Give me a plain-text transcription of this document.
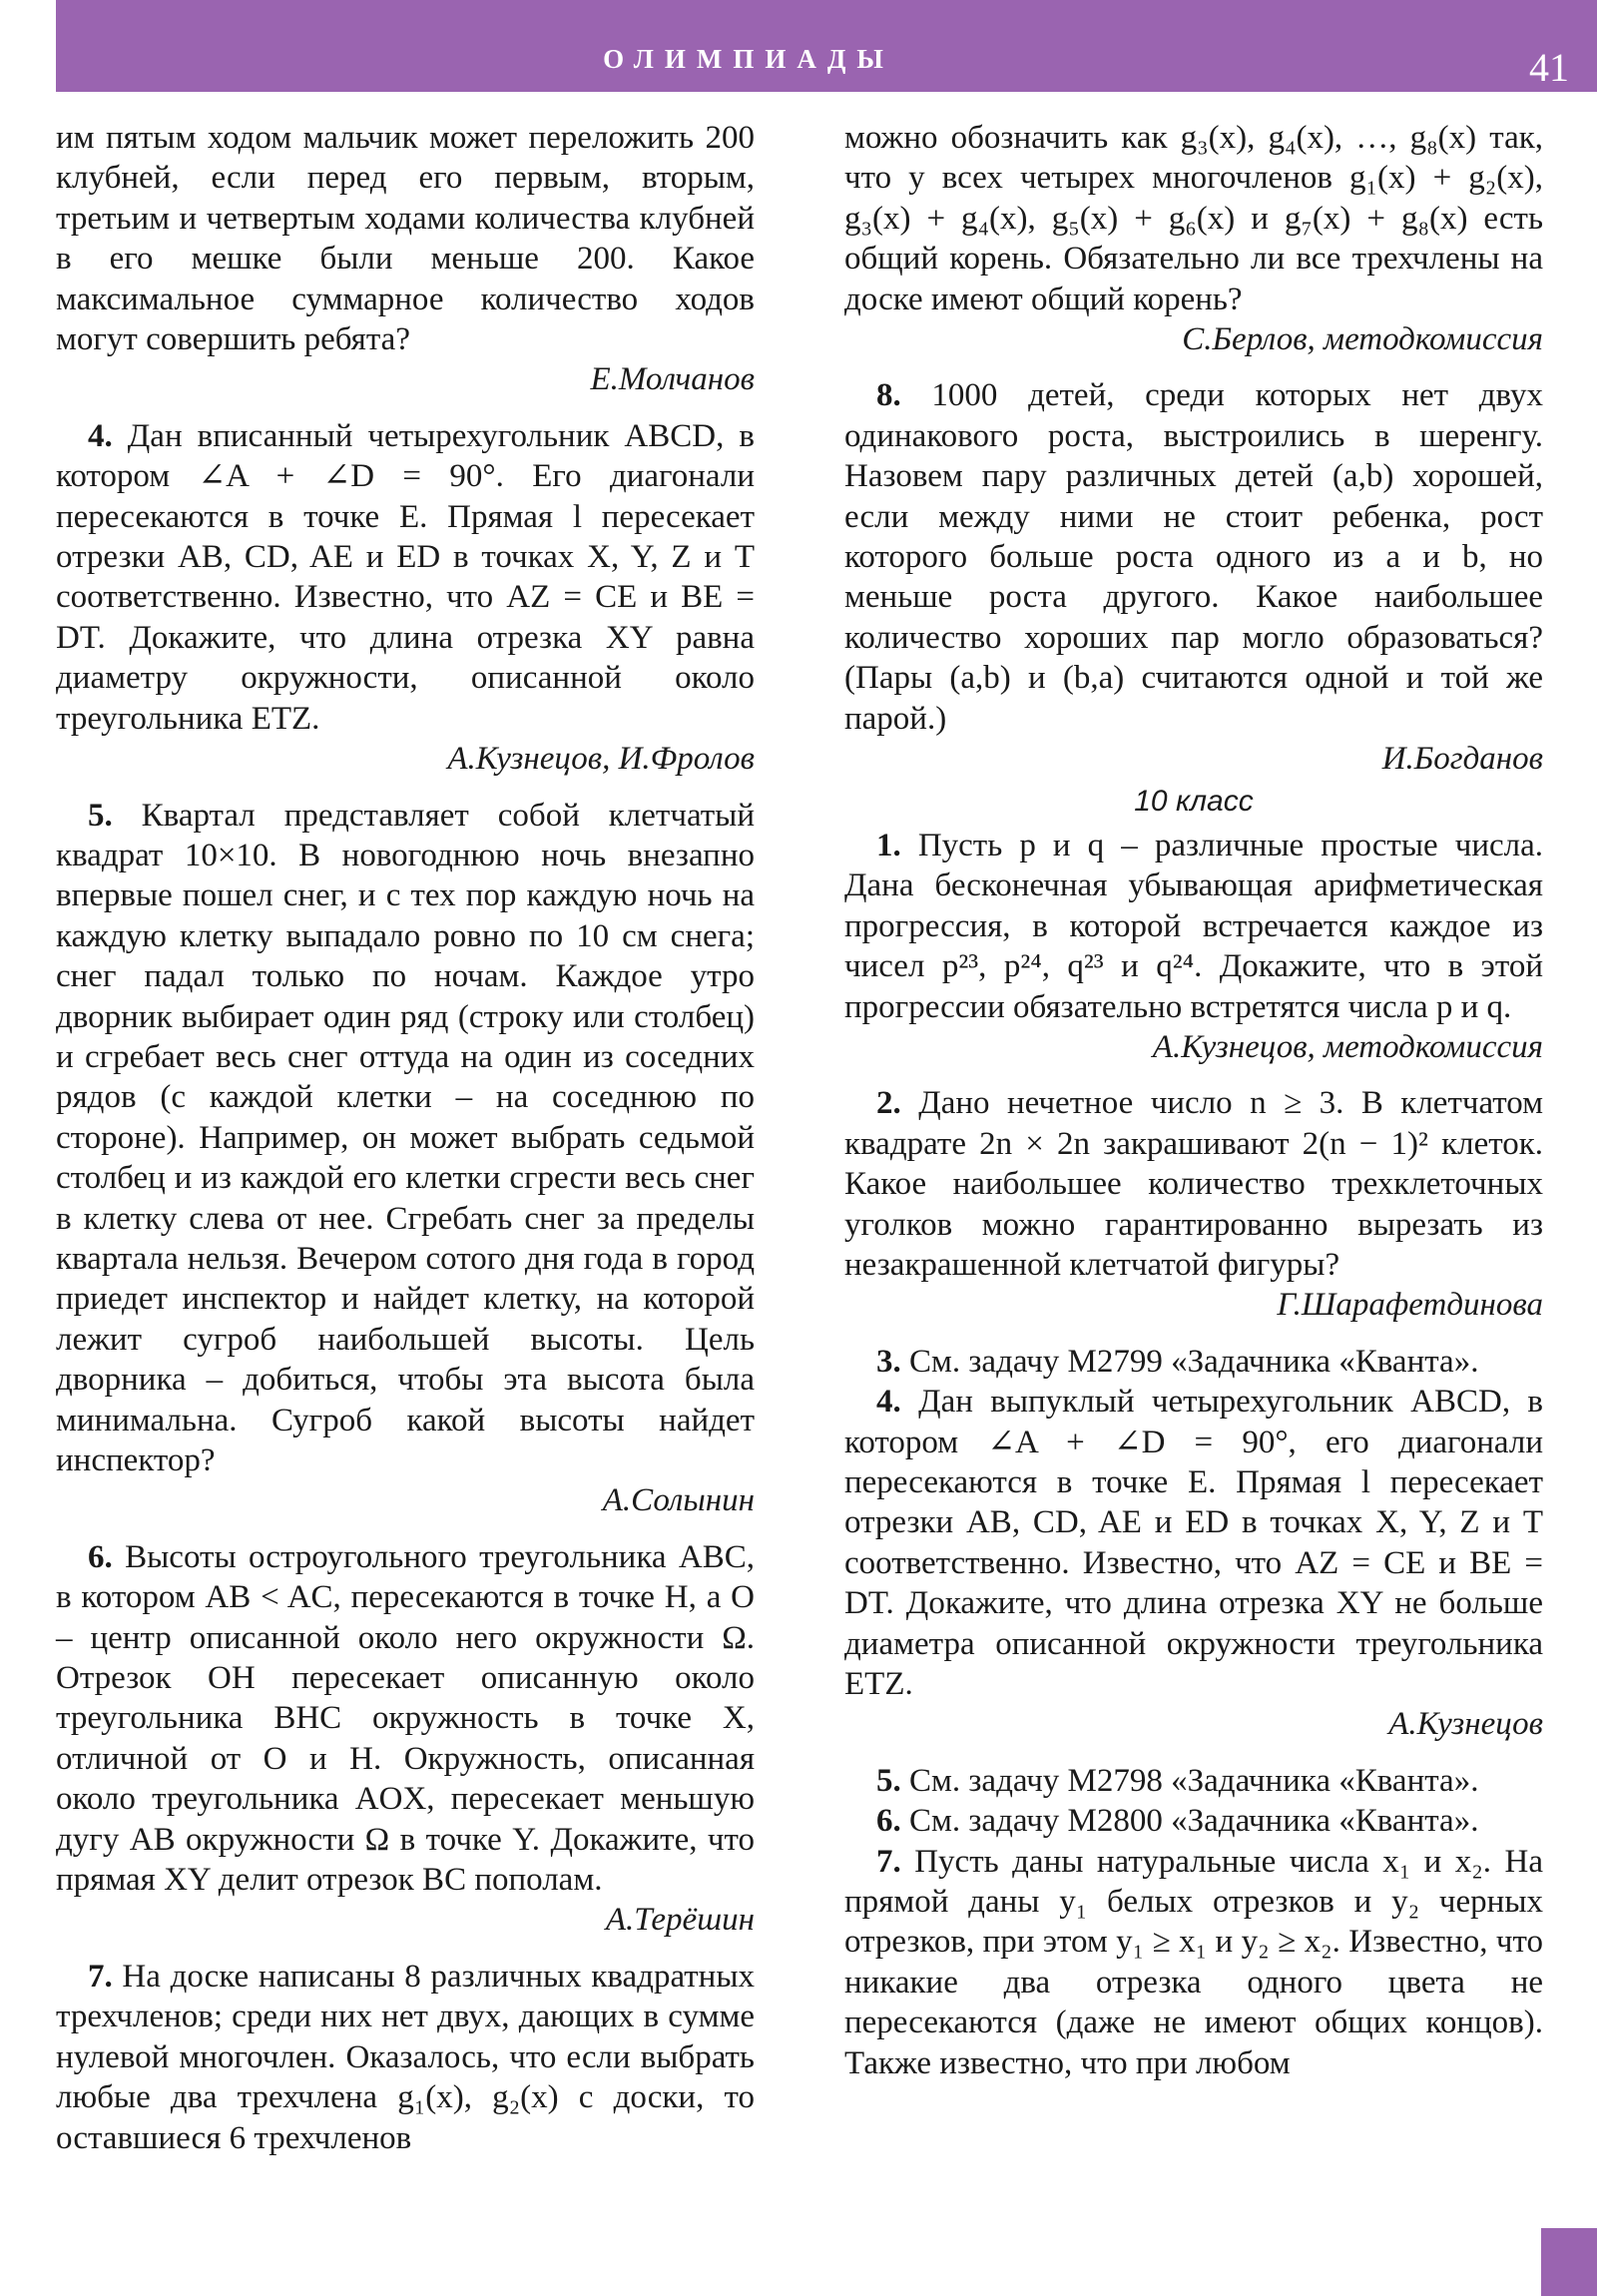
ОЛИМПИАДЫ	41

им пятым ходом мальчик может переложить 200 клубней, если перед его первым, вторым, третьим и четвертым ходами количества клубней в его мешке были меньше 200. Какое максимальное суммарное количество ходов могут совершить ребята?

Е.Молчанов

4. Дан вписанный четырехугольник ABCD, в котором ∠A + ∠D = 90°. Его диагонали пересекаются в точке E. Прямая l пересекает отрезки AB, CD, AE и ED в точках X, Y, Z и T соответственно. Известно, что AZ = CE и BE = DT. Докажите, что длина отрезка XY равна диаметру окружности, описанной около треугольника ETZ.

А.Кузнецов, И.Фролов

5. Квартал представляет собой клетчатый квадрат 10×10. В новогоднюю ночь внезапно впервые пошел снег, и с тех пор каждую ночь на каждую клетку выпадало ровно по 10 см снега; снег падал только по ночам. Каждое утро дворник выбирает один ряд (строку или столбец) и сгребает весь снег оттуда на один из соседних рядов (с каждой клетки – на соседнюю по стороне). Например, он может выбрать седьмой столбец и из каждой его клетки сгрести весь снег в клетку слева от нее. Сгребать снег за пределы квартала нельзя. Вечером сотого дня года в город приедет инспектор и найдет клетку, на которой лежит сугроб наибольшей высоты. Цель дворника – добиться, чтобы эта высота была минимальна. Сугроб какой высоты найдет инспектор?

А.Солынин

6. Высоты остроугольного треугольника ABC, в котором AB < AC, пересекаются в точке H, а O – центр описанной около него окружности Ω. Отрезок OH пересекает описанную около треугольника BHC окружность в точке X, отличной от O и H. Окружность, описанная около треугольника AOX, пересекает меньшую дугу AB окружности Ω в точке Y. Докажите, что прямая XY делит отрезок BC пополам.

А.Терёшин

7. На доске написаны 8 различных квадратных трехчленов; среди них нет двух, дающих в сумме нулевой многочлен. Оказалось, что если выбрать любые два трехчлена g₁(x), g₂(x) с доски, то оставшиеся 6 трехчленов

можно обозначить как g₃(x), g₄(x), …, g₈(x) так, что у всех четырех многочленов g₁(x) + g₂(x), g₃(x) + g₄(x), g₅(x) + g₆(x) и g₇(x) + g₈(x) есть общий корень. Обязательно ли все трехчлены на доске имеют общий корень?

С.Берлов, методкомиссия

8. 1000 детей, среди которых нет двух одинакового роста, выстроились в шеренгу. Назовем пару различных детей (a,b) хорошей, если между ними не стоит ребенка, рост которого больше роста одного из a и b, но меньше роста другого. Какое наибольшее количество хороших пар могло образоваться? (Пары (a,b) и (b,a) считаются одной и той же парой.)

И.Богданов
10 класс

1. Пусть p и q – различные простые числа. Дана бесконечная убывающая арифметическая прогрессия, в которой встречается каждое из чисел p²³, p²⁴, q²³ и q²⁴. Докажите, что в этой прогрессии обязательно встретятся числа p и q.

А.Кузнецов, методкомиссия

2. Дано нечетное число n ≥ 3. В клетчатом квадрате 2n × 2n закрашивают 2(n − 1)² клеток. Какое наибольшее количество трехклеточных уголков можно гарантированно вырезать из незакрашенной клетчатой фигуры?

Г.Шарафетдинова

3. См. задачу М2799 «Задачника «Кванта».

4. Дан выпуклый четырехугольник ABCD, в котором ∠A + ∠D = 90°, его диагонали пересекаются в точке E. Прямая l пересекает отрезки AB, CD, AE и ED в точках X, Y, Z и T соответственно. Известно, что AZ = CE и BE = DT. Докажите, что длина отрезка XY не больше диаметра описанной окружности треугольника ETZ.

А.Кузнецов

5. См. задачу М2798 «Задачника «Кванта».

6. См. задачу М2800 «Задачника «Кванта».

7. Пусть даны натуральные числа x₁ и x₂. На прямой даны y₁ белых отрезков и y₂ черных отрезков, при этом y₁ ≥ x₁ и y₂ ≥ x₂. Известно, что никакие два отрезка одного цвета не пересекаются (даже не имеют общих концов). Также известно, что при любом
